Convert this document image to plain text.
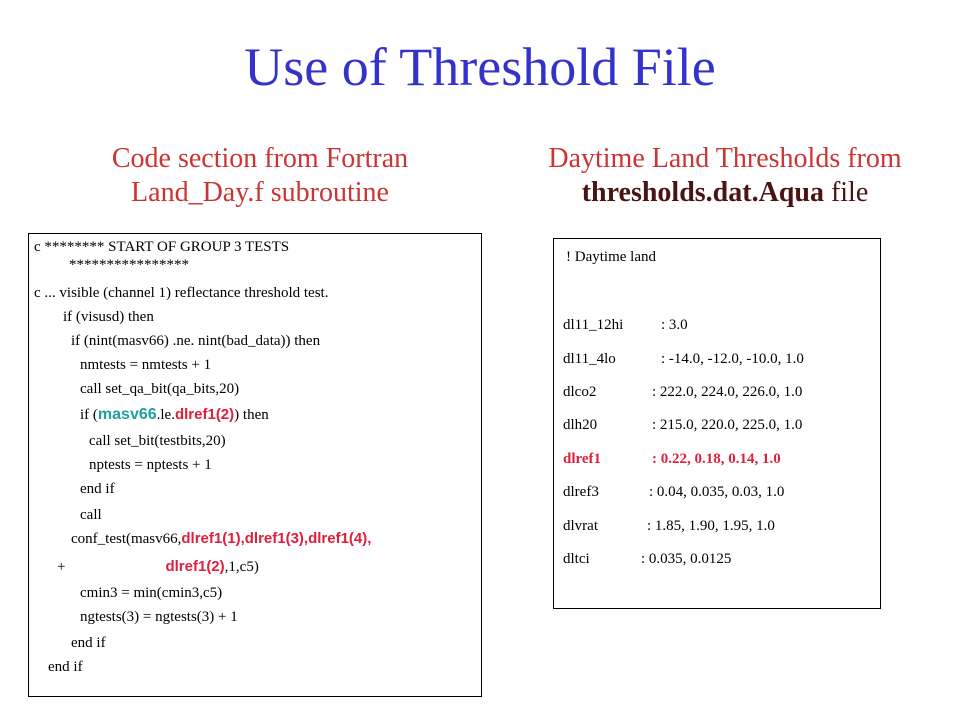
Use of Threshold File
Code section from Fortran
Land_Day.f subroutine
Daytime Land Thresholds from
thresholds.dat.Aqua file
c ******** START OF GROUP 3 TESTS
****************
c ... visible (channel 1) reflectance threshold test.
if (visusd) then
if (nint(masv66) .ne. nint(bad_data)) then
nmtests = nmtests + 1
call set_qa_bit(qa_bits,20)
if (masv66.le.dlref1(2)) then
call set_bit(testbits,20)
nptests = nptests + 1
end if
call
conf_test(masv66,dlref1(1),dlref1(3),dlref1(4),
+	dlref1(2),1,c5)
cmin3 = min(cmin3,c5)
ngtests(3) = ngtests(3) + 1
end if
end if
! Daytime land
dl11_12hi	: 3.0
dl11_4lo	: -14.0, -12.0, -10.0, 1.0
dlco2	: 222.0, 224.0, 226.0, 1.0
dlh20	: 215.0, 220.0, 225.0, 1.0
dlref1	: 0.22, 0.18, 0.14, 1.0
dlref3	: 0.04, 0.035, 0.03, 1.0
dlvrat	: 1.85, 1.90, 1.95, 1.0
dltci	: 0.035, 0.0125
